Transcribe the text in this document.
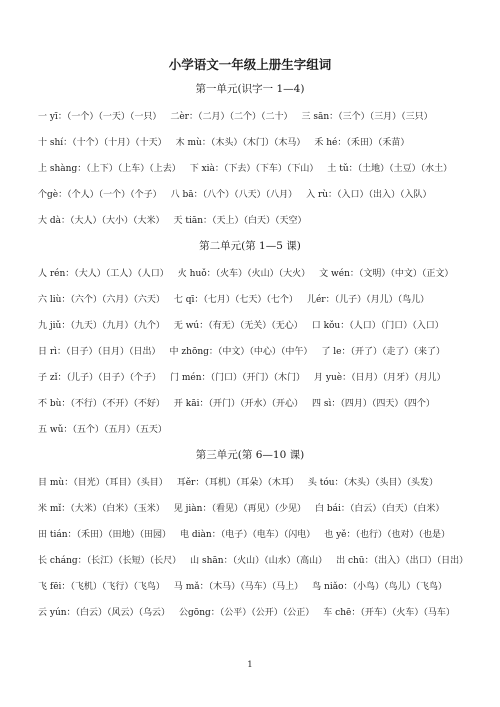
小学语文一年级上册生字组词
第一单元(识字一 1—4)
一 yī：（一个）（一天）（一只） 二èr：（二月）（二个）（二十） 三 sān：（三个）（三月）（三只）
十 shí：（十个）（十月）（十天） 木 mù：（木头）（木门）（木马） 禾 hé：（禾田）（禾苗）
上 shàng：（上下）（上车）（上去） 下 xià：（下去）（下车）（下山） 土 tǔ：（土地）（土豆）（水土）
个gè：（个人）（一个）（个子） 八 bā：（八个）（八天）（八月） 入 rù：（入口）（出入）（入队）
大 dà：（大人）（大小）（大米） 天 tiān：（天上）（白天）（天空）
第二单元(第 1—5 课)
人 rén：（大人）（工人）（人口） 火 huǒ：（火车）（火山）（大火） 文 wén：（文明）（中文）（正文）
六 liù：（六个）（六月）（六天） 七 qī：（七月）（七天）（七个） 儿ér：（儿子）（月儿）（鸟儿）
九 jiǔ：（九天）（九月）（九个） 无 wú：（有无）（无关）（无心） 口 kǒu：（人口）（门口）（入口）
日 rì：（日子）（日月）（日出） 中 zhōng：（中文）（中心）（中午） 了 le：（开了）（走了）（来了）
子 zǐ：（儿子）（日子）（个子） 门 mén：（门口）（开门）（木门） 月 yuè：（日月）（月牙）（月儿）
不 bù：（不行）（不开）（不好） 开 kāi：（开门）（开水）（开心） 四 sì：（四月）（四天）（四个）
五 wǔ：（五个）（五月）（五天）
第三单元(第 6—10 课)
目 mù：（目光）（耳目）（头目） 耳ěr：（耳机）（耳朵）（木耳） 头 tóu：（木头）（头目）（头发）
米 mǐ：（大米）（白米）（玉米） 见 jiàn：（看见）（再见）（少见） 白 bái：（白云）（白天）（白米）
田 tián：（禾田）（田地）（田园） 电 diàn：（电子）（电车）（闪电） 也 yě：（也行）（也对）（也是）
长 cháng：（长江）（长短）（长尺） 山 shān：（火山）（山水）（高山） 出 chū：（出入）（出口）（日出）
飞 fēi：（飞机）（飞行）（飞鸟） 马 mǎ：（木马）（马车）（马上） 鸟 niǎo：（小鸟）（鸟儿）（飞鸟）
云 yún：（白云）（风云）（乌云） 公gōng：（公平）（公开）（公正） 车 chē：（开车）（火车）（马车）
1
